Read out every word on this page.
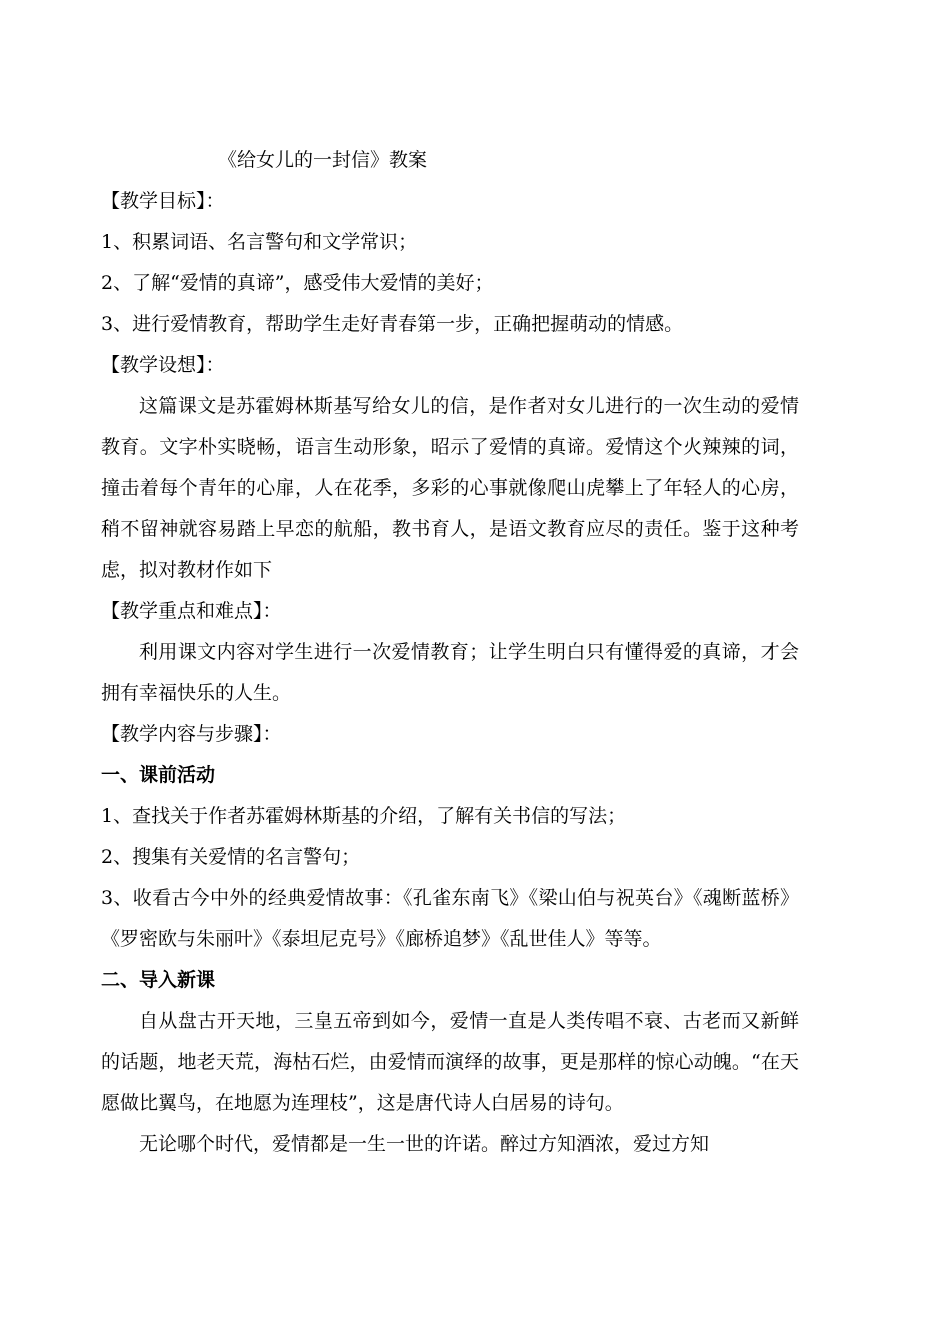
《给女儿的一封信》教案

【教学目标】：

1、积累词语、名言警句和文学常识；

2、了解“爱情的真谛”，感受伟大爱情的美好；

3、进行爱情教育，帮助学生走好青春第一步，正确把握萌动的情感。

【教学设想】：

这篇课文是苏霍姆林斯基写给女儿的信，是作者对女儿进行的一次生动的爱情教育。文字朴实晓畅，语言生动形象，昭示了爱情的真谛。爱情这个火辣辣的词，撞击着每个青年的心扉，人在花季，多彩的心事就像爬山虎攀上了年轻人的心房，稍不留神就容易踏上早恋的航船，教书育人，是语文教育应尽的责任。鉴于这种考虑，拟对教材作如下

【教学重点和难点】：

利用课文内容对学生进行一次爱情教育；让学生明白只有懂得爱的真谛，才会拥有幸福快乐的人生。

【教学内容与步骤】：

一、课前活动

1、查找关于作者苏霍姆林斯基的介绍，了解有关书信的写法；

2、搜集有关爱情的名言警句；

3、收看古今中外的经典爱情故事：《孔雀东南飞》《梁山伯与祝英台》《魂断蓝桥》《罗密欧与朱丽叶》《泰坦尼克号》《廊桥追梦》《乱世佳人》等等。

二、导入新课

自从盘古开天地，三皇五帝到如今，爱情一直是人类传唱不衰、古老而又新鲜的话题，地老天荒，海枯石烂，由爱情而演绎的故事，更是那样的惊心动魄。“在天愿做比翼鸟，在地愿为连理枝”，这是唐代诗人白居易的诗句。

无论哪个时代，爱情都是一生一世的许诺。醉过方知酒浓，爱过方知
